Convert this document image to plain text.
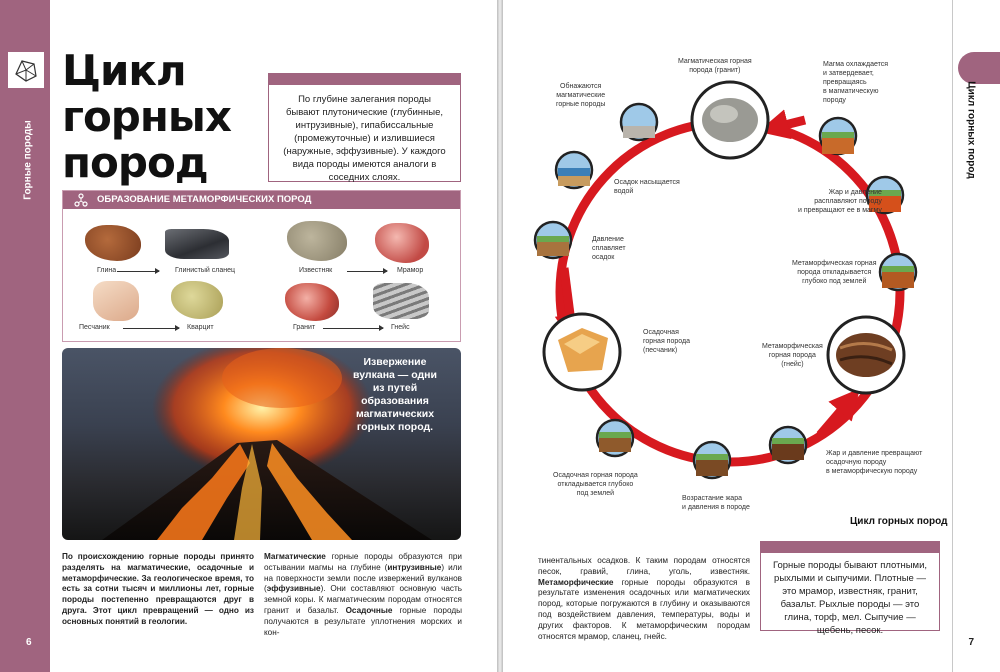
Горные породы
6
Цикл
горных
пород
По глубине залегания породы бывают плутонические (глубинные, интрузивные), гипабиссальные (промежуточные) и излившиеся (наружные, эффузивные). У каждого вида породы имеются аналоги в соседних слоях.
ОБРАЗОВАНИЕ МЕТАМОРФИЧЕСКИХ ПОРОД
Глина	Глинистый сланец	Известняк	Мрамор
Песчаник	Кварцит	Гранит	Гнейс
Извержение вулкана — одни из путей образования магматических горных пород.
По происхождению горные породы принято разделять на магматические, осадочные и метаморфические. За геологическое время, то есть за сотни тысяч и миллионы лет, горные породы постепенно превращаются друг в друга. Этот цикл превращений — одно из основных понятий в геологии.
Магматические горные породы образуются при остывании магмы на глубине (интрузивные) или на поверхности земли после извержений вулканов (эффузивные). Они составляют основную часть земной коры. К магматическим породам относятся гранит и базальт. Осадочные горные породы получаются в результате уплотнения морских и кон-
Цикл горных пород
7
Магматическая горная
порода (гранит)
Магма охлаждается
и затвердевает,
превращаясь
в магматическую
породу
Обнажаются
магматические
горные породы
Осадок насыщается
водой	Жар и давление
расплавляют породу
и превращают ее в магму
Давление
сплавляет
осадок
Метаморфическая горная
порода откладывается
глубоко под землей
Осадочная
горная порода
(песчаник)
Метаморфическая
горная порода
(гнейс)
Жар и давление превращают
осадочную породу
в метаморфическую породу
Осадочная горная порода
откладывается глубоко
под землей
Возрастание жара
и давления в породе
Цикл горных пород
тинентальных осадков. К таким породам относятся песок, гравий, глина, уголь, известняк. Метаморфические горные породы образуются в результате изменения осадочных или магматических пород, которые погружаются в глубину и оказываются под воздействием давления, температуры, воды и других факторов. К метаморфическим породам относятся мрамор, сланец, гнейс.
Горные породы бывают плотными, рыхлыми и сыпучими. Плотные — это мрамор, известняк, гранит, базальт. Рыхлые породы — это глина, торф, мел. Сыпучие — щебень, песок.
